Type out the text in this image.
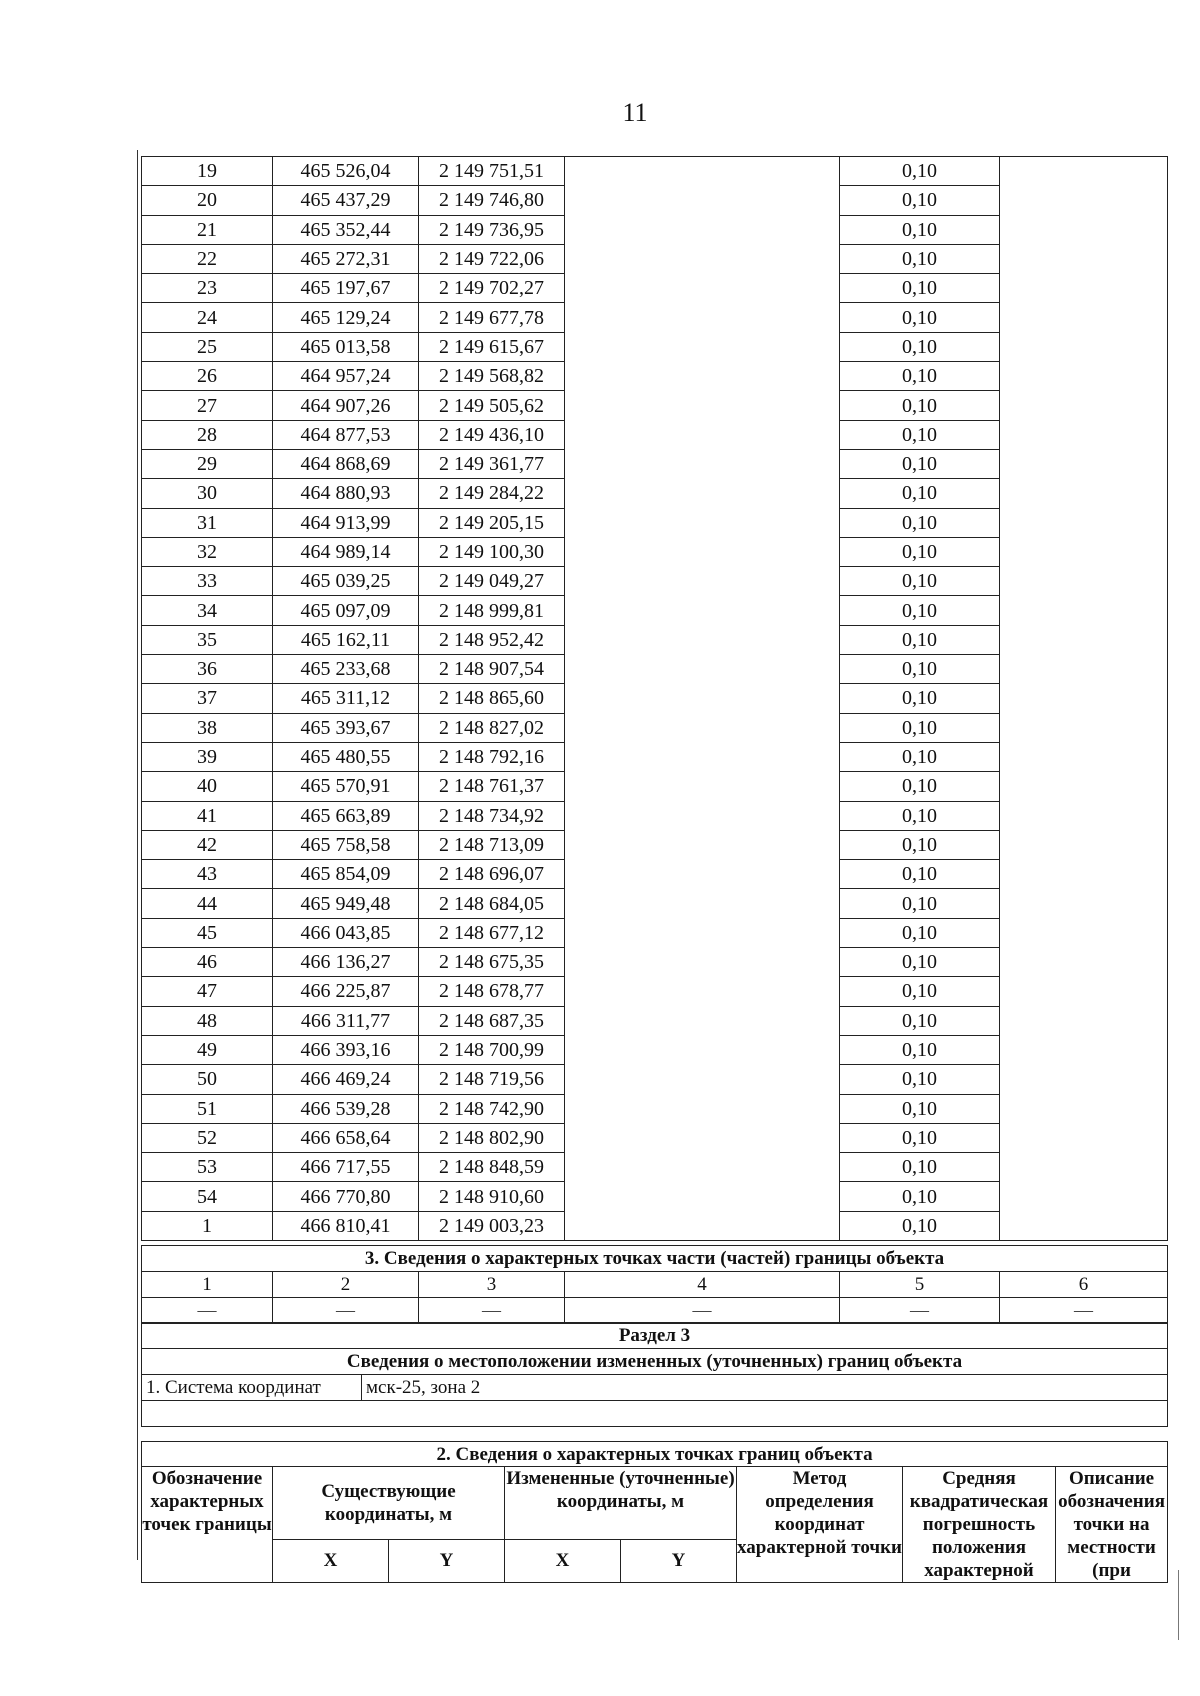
11
19	465 526,04	2 149 751,51		0,10	
20	465 437,29	2 149 746,80		0,10	
21	465 352,44	2 149 736,95		0,10	
22	465 272,31	2 149 722,06		0,10	
23	465 197,67	2 149 702,27		0,10	
24	465 129,24	2 149 677,78		0,10	
25	465 013,58	2 149 615,67		0,10	
26	464 957,24	2 149 568,82		0,10	
27	464 907,26	2 149 505,62		0,10	
28	464 877,53	2 149 436,10		0,10	
29	464 868,69	2 149 361,77		0,10	
30	464 880,93	2 149 284,22		0,10	
31	464 913,99	2 149 205,15		0,10	
32	464 989,14	2 149 100,30		0,10	
33	465 039,25	2 149 049,27		0,10	
34	465 097,09	2 148 999,81		0,10	
35	465 162,11	2 148 952,42		0,10	
36	465 233,68	2 148 907,54		0,10	
37	465 311,12	2 148 865,60		0,10	
38	465 393,67	2 148 827,02		0,10	
39	465 480,55	2 148 792,16		0,10	
40	465 570,91	2 148 761,37		0,10	
41	465 663,89	2 148 734,92		0,10	
42	465 758,58	2 148 713,09		0,10	
43	465 854,09	2 148 696,07		0,10	
44	465 949,48	2 148 684,05		0,10	
45	466 043,85	2 148 677,12		0,10	
46	466 136,27	2 148 675,35		0,10	
47	466 225,87	2 148 678,77		0,10	
48	466 311,77	2 148 687,35		0,10	
49	466 393,16	2 148 700,99		0,10	
50	466 469,24	2 148 719,56		0,10	
51	466 539,28	2 148 742,90		0,10	
52	466 658,64	2 148 802,90		0,10	
53	466 717,55	2 148 848,59		0,10	
54	466 770,80	2 148 910,60		0,10	
1	466 810,41	2 149 003,23		0,10	
3. Сведения о характерных точках части (частей) границы объекта					
1	2	3	4	5	6
—	—	—	—	—	—
Раздел 3
Сведения о местоположении измененных (уточненных) границ объекта
1. Система координат	мск-25, зона 2

2. Сведения о характерных точках границ объекта							
Обозначение характерных точек границы	Существующие координаты, м		Измененные (уточненные) координаты, м		Метод определения координат характерной точки	Средняя квадратическая погрешность положения характерной	Описание обозначения точки на местности (при
	X	Y	X	Y			
